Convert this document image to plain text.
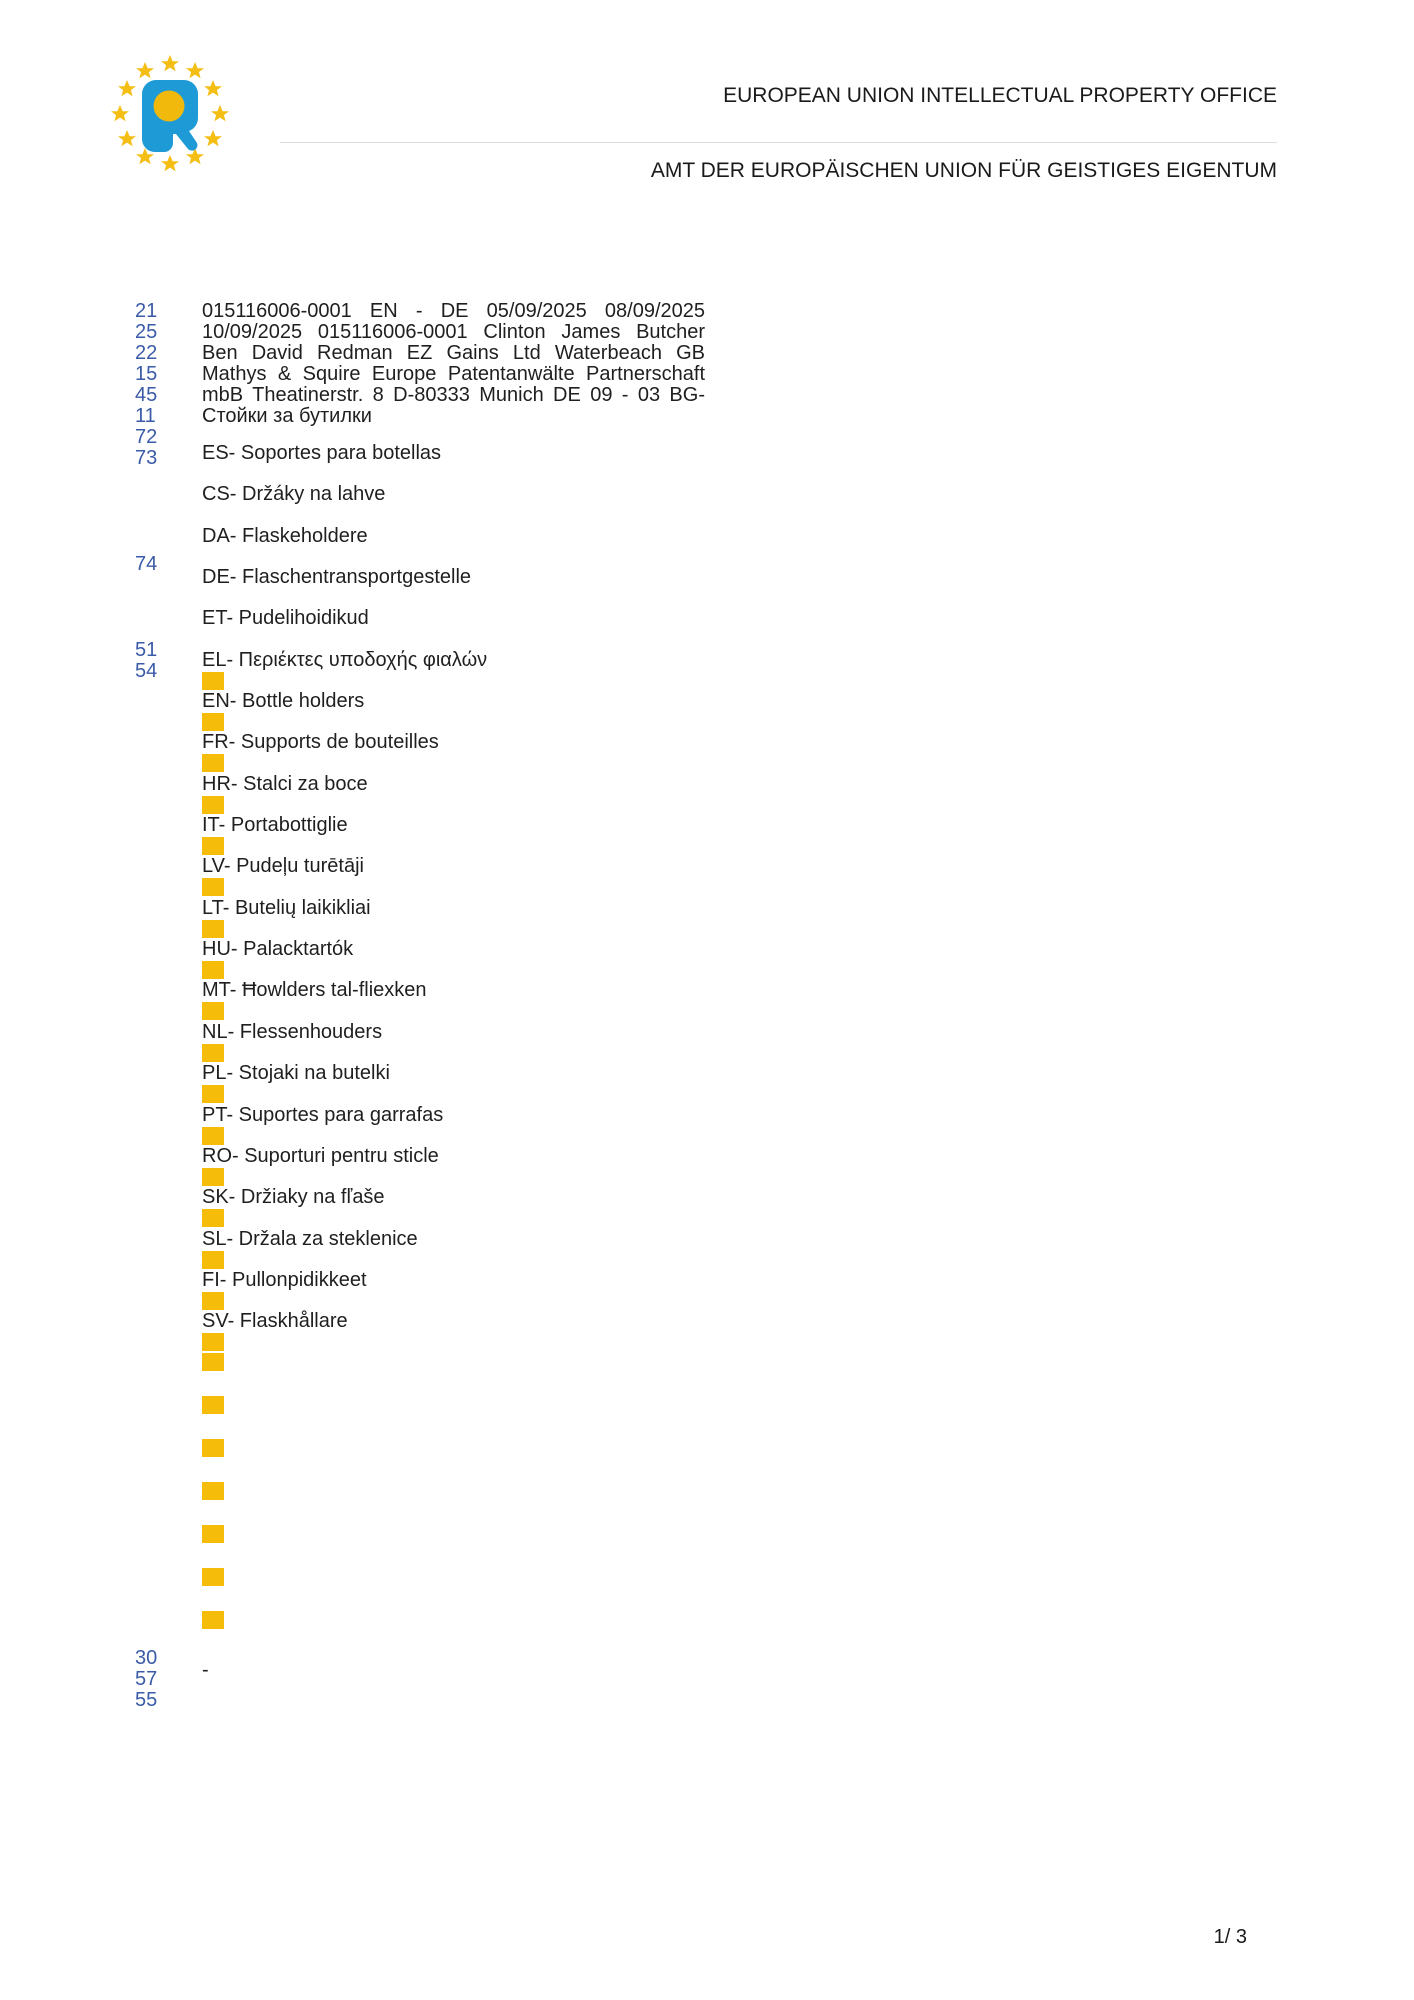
EUROPEAN UNION INTELLECTUAL PROPERTY OFFICE
AMT DER EUROPÄISCHEN UNION FÜR GEISTIGES EIGENTUM
21
25
22
15
45
11
72
73
74
51
54
30
57
55
015116006-0001 EN - DE 05/09/2025 08/09/2025 10/09/2025 015116006-0001 Clinton James Butcher Ben David Redman EZ Gains Ltd Waterbeach GB Mathys & Squire Europe Patentanwälte Partnerschaft mbB Theatinerstr. 8 D-80333 Munich DE 09 - 03 BG- Стойки за бутилки
ES- Soportes para botellas
CS- Držáky na lahve
DA- Flaskeholdere
DE- Flaschentransportgestelle
ET- Pudelihoidikud
EL- Περιέκτες υποδοχής φιαλών
EN- Bottle holders
FR- Supports de bouteilles
HR- Stalci za boce
IT- Portabottiglie
LV- Pudeļu turētāji
LT- Butelių laikikliai
HU- Palacktartók
MT- Ħowlders tal-fliexken
NL- Flessenhouders
PL- Stojaki na butelki
PT- Suportes para garrafas
RO- Suporturi pentru sticle
SK- Držiaky na fľaše
SL- Držala za steklenice
FI- Pullonpidikkeet
SV- Flaskhållare
-
1/ 3
